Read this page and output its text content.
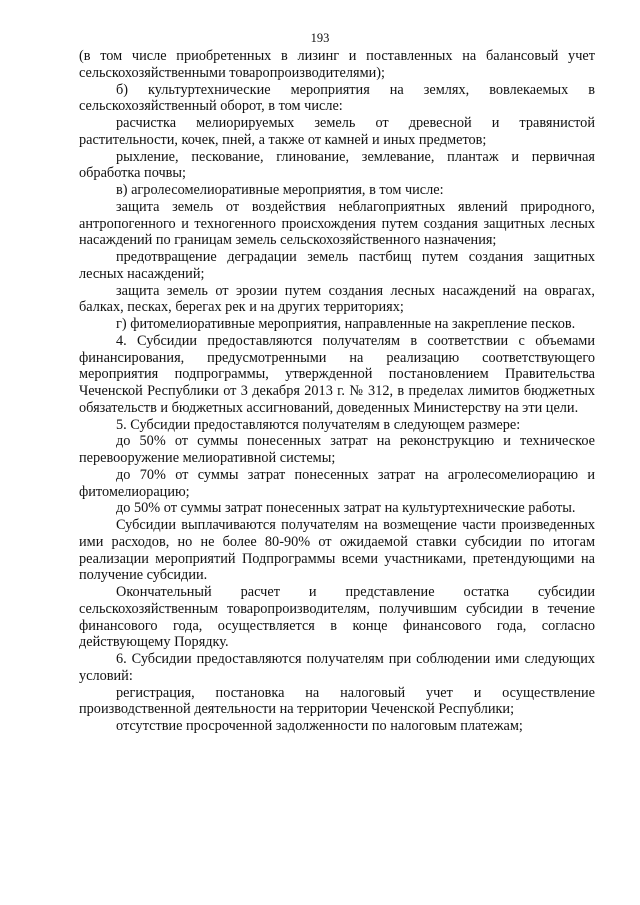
193

(в том числе приобретенных в лизинг и поставленных на балансовый учет сельскохозяйственными товаропроизводителями);

б) культуртехнические мероприятия на землях, вовлекаемых в сельскохозяйственный оборот, в том числе:

расчистка мелиорируемых земель от древесной и травянистой растительности, кочек, пней, а также от камней и иных предметов;

рыхление, пескование, глинование, землевание, плантаж и первичная обработка почвы;

в) агролесомелиоративные мероприятия, в том числе:

защита земель от воздействия неблагоприятных явлений природного, антропогенного и техногенного происхождения путем создания защитных лесных насаждений по границам земель сельскохозяйственного назначения;

предотвращение деградации земель пастбищ путем создания защитных лесных насаждений;

защита земель от эрозии путем создания лесных насаждений на оврагах, балках, песках, берегах рек и на других территориях;

г) фитомелиоративные мероприятия, направленные на закрепление песков.

4. Субсидии предоставляются получателям в соответствии с объемами финансирования, предусмотренными на реализацию соответствующего мероприятия подпрограммы, утвержденной постановлением Правительства Чеченской Республики от 3 декабря 2013 г. № 312, в пределах лимитов бюджетных обязательств и бюджетных ассигнований, доведенных Министерству на эти цели.

5. Субсидии предоставляются получателям в следующем размере:

до 50% от суммы понесенных затрат на реконструкцию и техническое перевооружение мелиоративной системы;

до 70% от суммы затрат понесенных затрат на агролесомелиорацию и фитомелиорацию;

до 50% от суммы затрат понесенных затрат на культуртехнические работы.

Субсидии выплачиваются получателям на возмещение части произведенных ими расходов, но не более 80-90% от ожидаемой ставки субсидии по итогам реализации мероприятий Подпрограммы всеми участниками, претендующими на получение субсидии.

Окончательный расчет и представление остатка субсидии сельскохозяйственным товаропроизводителям, получившим субсидии в течение финансового года, осуществляется в конце финансового года, согласно действующему Порядку.

6. Субсидии предоставляются получателям при соблюдении ими следующих условий:

регистрация, постановка на налоговый учет и осуществление производственной деятельности на территории Чеченской Республики;

отсутствие просроченной задолженности по налоговым платежам;
